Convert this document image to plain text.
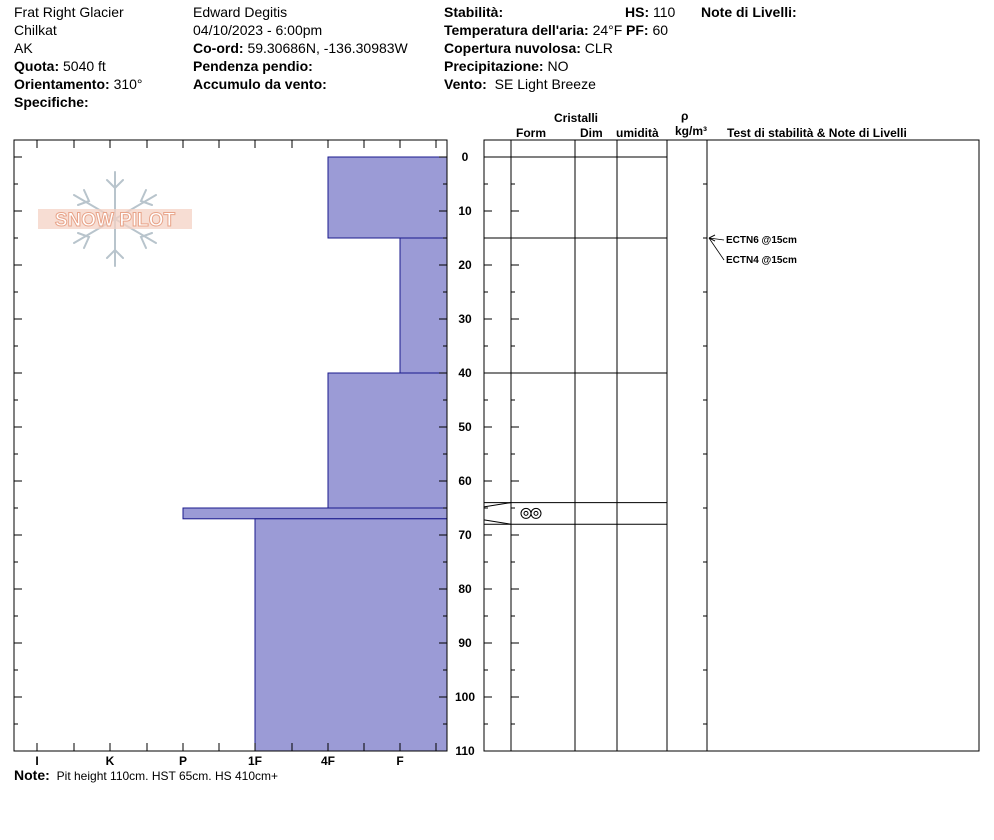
Frat Right Glacier
Chilkat
AK
Quota: 5040 ft
Orientamento: 310°
Specifiche:
Edward Degitis
04/10/2023 - 6:00pm
Co-ord: 59.30686N, -136.30983W
Pendenza pendio:
Accumulo da vento:
Stabilità:
Temperatura dell'aria: 24°F
Copertura nuvolosa: CLR
Precipitazione: NO
Vento: SE Light Breeze
HS: 110
PF: 60
Note di Livelli:
Cristalli
Form	Dim umidità
ρ
kg/m³ Test di stabilità & Note di Livelli
SNOW PILOT
I	K	P	1F	4F	F
0
10
20
30
40
50
60
70
80
90
100
110
ECTN6 @15cm
ECTN4 @15cm
Note: Pit height 110cm. HST 65cm. HS 410cm+
